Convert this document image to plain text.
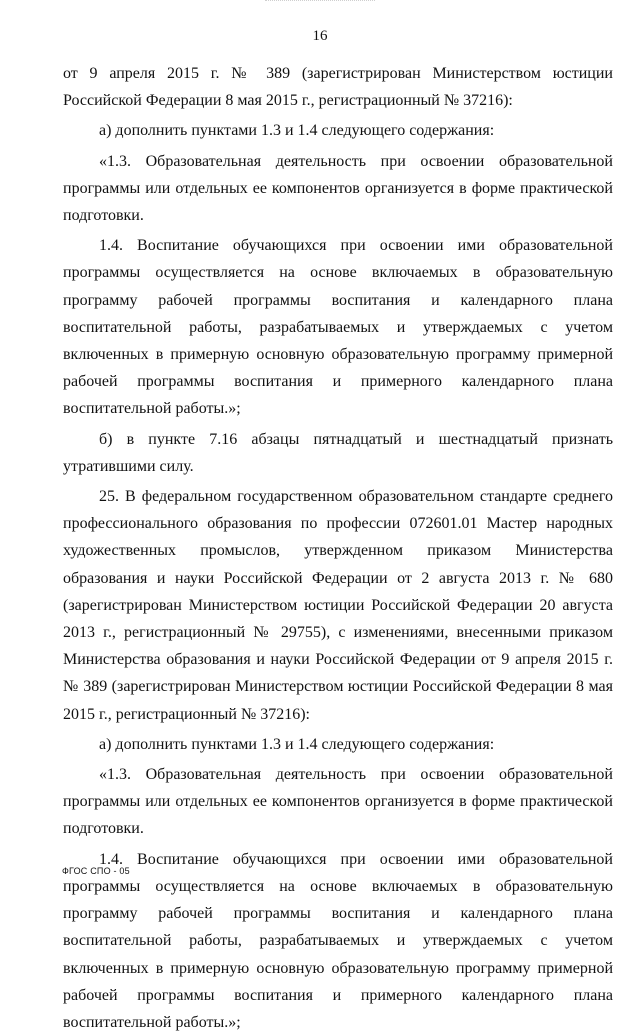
16

от 9 апреля 2015 г. № 389 (зарегистрирован Министерством юстиции Российской Федерации 8 мая 2015 г., регистрационный № 37216):

а) дополнить пунктами 1.3 и 1.4 следующего содержания:

«1.3. Образовательная деятельность при освоении образовательной программы или отдельных ее компонентов организуется в форме практической подготовки.

1.4. Воспитание обучающихся при освоении ими образовательной программы осуществляется на основе включаемых в образовательную программу рабочей программы воспитания и календарного плана воспитательной работы, разрабатываемых и утверждаемых с учетом включенных в примерную основную образовательную программу примерной рабочей программы воспитания и примерного календарного плана воспитательной работы.»;

б) в пункте 7.16 абзацы пятнадцатый и шестнадцатый признать утратившими силу.

25. В федеральном государственном образовательном стандарте среднего профессионального образования по профессии 072601.01 Мастер народных художественных промыслов, утвержденном приказом Министерства образования и науки Российской Федерации от 2 августа 2013 г. № 680 (зарегистрирован Министерством юстиции Российской Федерации 20 августа 2013 г., регистрационный № 29755), с изменениями, внесенными приказом Министерства образования и науки Российской Федерации от 9 апреля 2015 г. № 389 (зарегистрирован Министерством юстиции Российской Федерации 8 мая 2015 г., регистрационный № 37216):

а) дополнить пунктами 1.3 и 1.4 следующего содержания:

«1.3. Образовательная деятельность при освоении образовательной программы или отдельных ее компонентов организуется в форме практической подготовки.

1.4. Воспитание обучающихся при освоении ими образовательной программы осуществляется на основе включаемых в образовательную программу рабочей программы воспитания и календарного плана воспитательной работы, разрабатываемых и утверждаемых с учетом включенных в примерную основную образовательную программу примерной рабочей программы воспитания и примерного календарного плана воспитательной работы.»;

ФГОС СПО - 05
